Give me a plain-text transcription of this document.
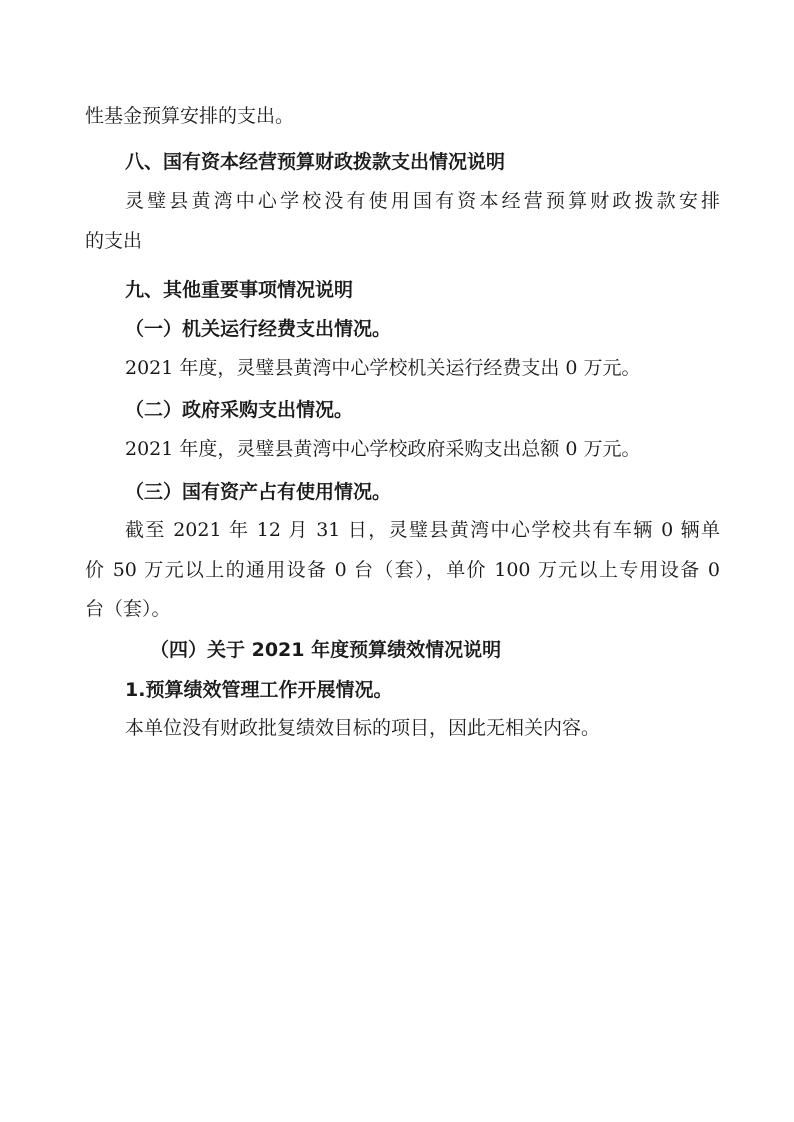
性基金预算安排的支出。
八、国有资本经营预算财政拨款支出情况说明
灵璧县黄湾中心学校没有使用国有资本经营预算财政拨款安排
的支出
九、其他重要事项情况说明
（一）机关运行经费支出情况。
2021 年度，灵璧县黄湾中心学校机关运行经费支出 0 万元。
（二）政府采购支出情况。
2021 年度，灵璧县黄湾中心学校政府采购支出总额 0 万元。
（三）国有资产占有使用情况。
截至 2021 年 12 月 31 日，灵璧县黄湾中心学校共有车辆 0 辆单
价 50 万元以上的通用设备 0 台（套），单价 100 万元以上专用设备 0
台（套）。
（四）关于 2021 年度预算绩效情况说明
1.预算绩效管理工作开展情况。
本单位没有财政批复绩效目标的项目，因此无相关内容。
